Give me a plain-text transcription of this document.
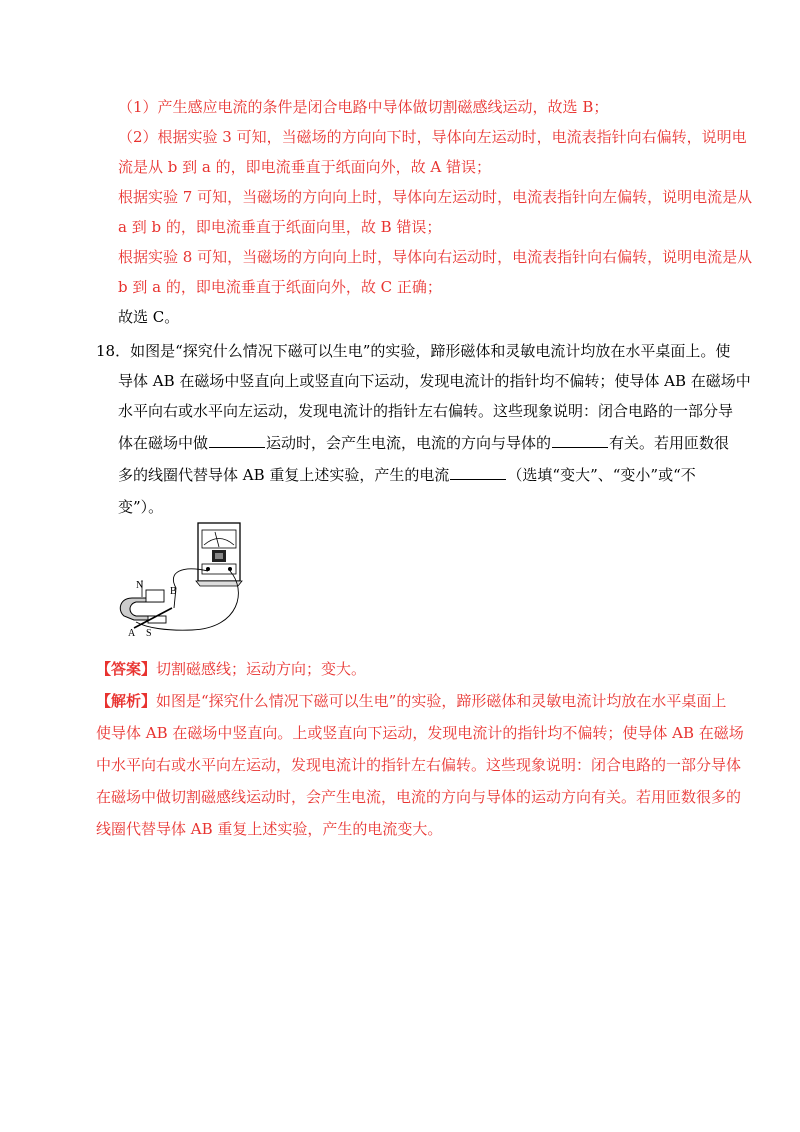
（1）产生感应电流的条件是闭合电路中导体做切割磁感线运动，故选 B；
（2）根据实验 3 可知，当磁场的方向向下时，导体向左运动时，电流表指针向右偏转，说明电
流是从 b 到 a 的，即电流垂直于纸面向外，故 A 错误；
根据实验 7 可知，当磁场的方向向上时，导体向左运动时，电流表指针向左偏转，说明电流是从
a 到 b 的，即电流垂直于纸面向里，故 B 错误；
根据实验 8 可知，当磁场的方向向上时，导体向右运动时，电流表指针向右偏转，说明电流是从
b 到 a 的，即电流垂直于纸面向外，故 C 正确；
故选 C。
18．如图是“探究什么情况下磁可以生电”的实验，蹄形磁体和灵敏电流计均放在水平桌面上。使
导体 AB 在磁场中竖直向上或竖直向下运动，发现电流计的指针均不偏转；使导体 AB 在磁场中
水平向右或水平向左运动，发现电流计的指针左右偏转。这些现象说明：闭合电路的一部分导
体在磁场中做	运动时，会产生电流，电流的方向与导体的	有关。若用匝数很
多的线圈代替导体 AB 重复上述实验，产生的电流	（选填“变大”、“变小”或“不
变”）。
N
B
A S
【答案】切割磁感线；运动方向；变大。
【解析】如图是“探究什么情况下磁可以生电”的实验，蹄形磁体和灵敏电流计均放在水平桌面上
使导体 AB 在磁场中竖直向。上或竖直向下运动，发现电流计的指针均不偏转；使导体 AB 在磁场
中水平向右或水平向左运动，发现电流计的指针左右偏转。这些现象说明：闭合电路的一部分导体
在磁场中做切割磁感线运动时，会产生电流，电流的方向与导体的运动方向有关。若用匝数很多的
线圈代替导体 AB 重复上述实验，产生的电流变大。
